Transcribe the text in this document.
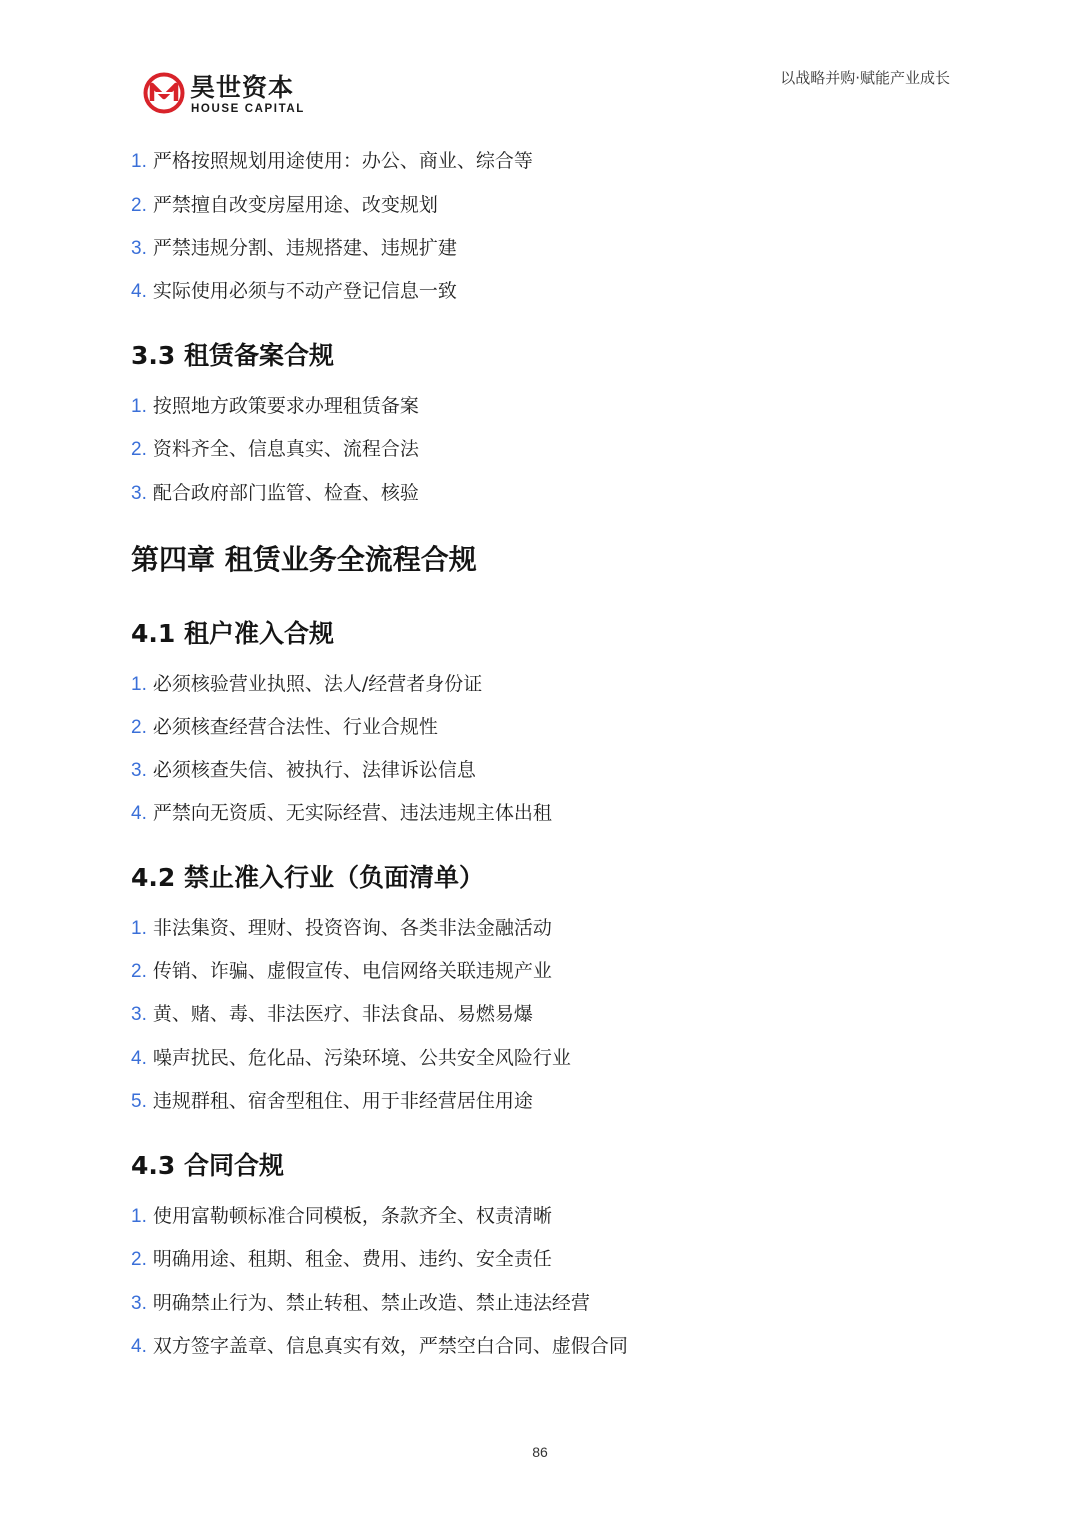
昊世资本
HOUSE CAPITAL
以战略并购·赋能产业成长
1. 严格按照规划用途使用：办公、商业、综合等
2. 严禁擅自改变房屋用途、改变规划
3. 严禁违规分割、违规搭建、违规扩建
4. 实际使用必须与不动产登记信息一致
3.3 租赁备案合规
1. 按照地方政策要求办理租赁备案
2. 资料齐全、信息真实、流程合法
3. 配合政府部门监管、检查、核验
第四章 租赁业务全流程合规
4.1 租户准入合规
1. 必须核验营业执照、法人/经营者身份证
2. 必须核查经营合法性、行业合规性
3. 必须核查失信、被执行、法律诉讼信息
4. 严禁向无资质、无实际经营、违法违规主体出租
4.2 禁止准入行业（负面清单）
1. 非法集资、理财、投资咨询、各类非法金融活动
2. 传销、诈骗、虚假宣传、电信网络关联违规产业
3. 黄、赌、毒、非法医疗、非法食品、易燃易爆
4. 噪声扰民、危化品、污染环境、公共安全风险行业
5. 违规群租、宿舍型租住、用于非经营居住用途
4.3 合同合规
1. 使用富勒顿标准合同模板，条款齐全、权责清晰
2. 明确用途、租期、租金、费用、违约、安全责任
3. 明确禁止行为、禁止转租、禁止改造、禁止违法经营
4. 双方签字盖章、信息真实有效，严禁空白合同、虚假合同
86
